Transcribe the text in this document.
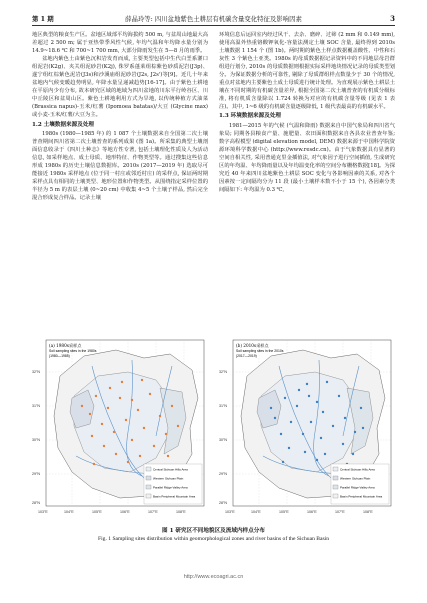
第 1 期	薛晶玲等: 四川盆地紫色土耕层有机碳含量变化特征及影响因素	3

地区典型的粮食生产区。盆地区域部平均海拔约 500 m, 与盆周山地最大高差超过 2 500 m; 属于亚热带季风性气候, 年均气温和年均降水量分别为 14.9~18.6 ℃ 和 700~1 700 mm, 大部分降雨发生在 5—8 月的雨季。

盆地内紫色土由紫色沉积岩发育而成, 主要类型包括中生代白垩系灌口组泥岩(K2g)、夹关组泥砂岩(K2j), 侏罗系蓬莱组棕紫色砂质泥岩(J3p)、遂宁组红棕紫色泥岩(J3s)和沙溪庙组泥砂岩(J2s, J2s')等[9]。近几十年来盆地内气候变暖趋势明显, 年降水量呈递减趋势[16-17]。由于紫色土耕地在平原内少有分布, 故本研究区域的地域为四川盆地的川东平行岭谷区、川中丘陵区和盆周山区。紫色土耕地利用方式为旱地, 以传统种植方式油菜 (Brassica napus)-玉米/红薯 (Ipomoea batatas)/大豆 (Glycine max) 或小麦-玉米/红薯/大豆为主。

1.2 土壤数据来源及处理

1980s (1980—1985 年) 的 1 087 个土壤数据来自全国第二次土壤普查期间四川省第二次土壤普查的系列成果 (图 1a)。所采集的典型土壤剖面信息收录于《四川土种志》等地方性专著, 包括土壤理化性质及人为活动信息, 如采样地点、成土母质、地形特征、作物类型等。通过搜集这些信息形成 1980s 的历史土壤信息数据库。2010s (2017—2019 年) 选取尽可能接近 1980s 采样地点 (位于同一村庄或邻近村庄) 的采样点, 保证两时期采样点具有相同的土壤类型、地形位置和作物类型。从围绕指定采样位置的半径为 5 m 的表层土壤 (0~20 cm) 中收集 4~5 个土壤子样品, 然后完全混合形成复合样品。记录土壤

环境信息后运回室内经过风干、去杂、磨碎、过筛 (2 mm 和 0.149 mm), 使用高温外热重铬酸钾氧化-容量法测定土壤 SOC 含量, 最终得到 2010s 土壤数据 1 154 个 (图 1b)。两时期的紫色土样点数据覆盖酸性、中性和石灰性 3 个紫色土亚类。1980s 的母质数据据记录资料中的不同地层母岩群组进行划分, 2010s 的母质数据则根据实际采样地块情况记录的母质类型划分。为保证数据分析的可靠性, 剔除了母质群组样点数量少于 30 个的情况, 重点对盆地内主要紫色土成土母质进行统计处理。为直观展示紫色土耕层土壤在不同时期的有机碳含量差异, 根据全国第二次土壤普查的有机质分级标准, 将有机质含量除以 1.724 转换为对应的有机碳含量等级 (见表 1 表注)。其中, 1~6 级的有机碳含量逐级降低, 1 级代表最高的有机碳水平。

1.3 环境数据来源及处理

1981—2015 年的气候 (气温和降雨) 数据来自中国气象局和四川省气象局; 同期各县粮食产量、施肥量、农田面积数据来自各县农业普查年鉴; 数字高程模型 (digital elevation model, DEM) 数据来源于中国科学院资源环境科学数据中心 (http://www.resdc.cn)。由于气象数据具有显著的空间自相关性, 采用普通克里金插值法, 对气象因子进行空间插值, 生成研究区的年均温、年均降雨量以及年均温变化率的空间分布栅格数据[18]。为探究近 40 年来四川盆地紫色土耕层 SOC 变化与各影响因素的关系, 对各个因素按一定间隔均分为 11 段 (最小土壤样本数不小于 15 个), 各因素分类间隔如下: 年均温为 0.3 ℃,

Central Sichuan Hilly Area
Western Sichuan Plain
Parallel Ridge-Valley Area
Basin Peripheral Mountain Area
(a) 1980s采样点
Soil sampling sites in the 1980s
(1980—1985)
103°E	104°E	105°E	106°E	107°E	108°E
32°N
31°N
30°N
29°N
28°N
Central Sichuan Hilly Area
Western Sichuan Plain
Parallel Ridge-Valley Area
Basin Peripheral Mountain Area
(b) 2010s采样点
Soil sampling sites in the 2010s
(2017—2019)
103°E	104°E	105°E	106°E	107°E	108°E
32°N
31°N
30°N
29°N
28°N
图 1 研究区不同地貌区及流域内样点分布
Fig. 1 Sampling sites distribution within geomorphological zones and river basins of the Sichuan Basin
http://www.ecoagri.ac.cn
